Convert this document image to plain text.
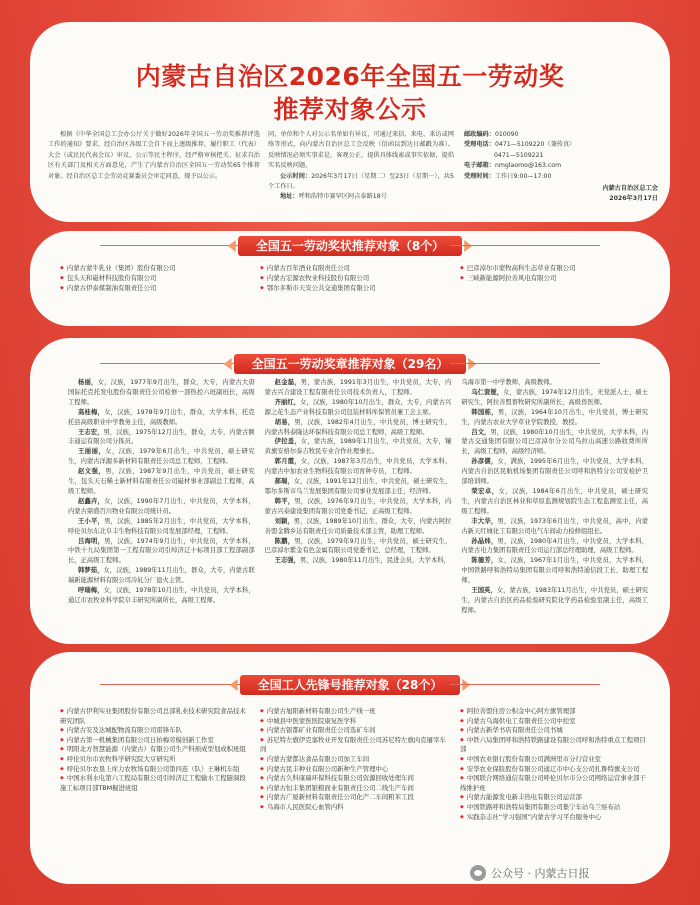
内蒙古自治区2026年全国五一劳动奖
推荐对象公示
根据《中华全国总工会办公厅关于做好2026年全国五一劳动奖推荐评选工作的通知》要求，经自治区各级工会自下而上逐级推荐，履行职工（代表）大会（或民民代表会议）审议，公示等民主程序，经严格审核把关、征求自治区有关部门及相关方面意见，产生了内蒙古自治区全国五一劳动奖65个推荐对象。经自治区总工会劳动竞赛委员会审定同意，现予以公示。
同，单位和个人对公示名单如有异议，可通过来信、来电、来访或网络等形式，向内蒙古自治区总工会反映（信函以到达日邮戳为准）。反映情况必须实事求是，客观公正，提供具体线索或事实依据，提倡实名反映问题。
公示时间：2026年3月17日（星期二）至23日（星期一），共5个工作日。
地址：呼和浩特市赛罕区阿吉泰路18号
邮政编码：010090
受理电话：0471—5109220（兼传真）
0471—5109221
电子邮箱：nmglaomo@163.com
受理时间：工作日9:00—17:00
内蒙古自治区总工会
2026年3月17日
全国五一劳动奖状推荐对象（8个）
◆ 内蒙古蒙牛乳业（集团）股份有限公司
◆ 包头天和磁材科技股份有限公司
◆ 内蒙古伊泰煤制油有限责任公司
◆ 内蒙古百年酒业有限责任公司
◆ 内蒙古宏源农牧业科技股份有限公司
◆ 鄂尔多斯市天安公共交通集团有限公司
◆ 巴彦淖尔市蒙牧高科生态草业有限公司
◆ 三峡新能源阿拉善风电有限公司
全国五一劳动奖章推荐对象（29名）
杨丽，女，汉族，1977年9月出生，群众，大专，内蒙古大唐国际托克托发电股份有限责任公司检修一部热控六班副班长，高级工程师。
高桂梅，女，汉族，1978年9月出生，群众，大学本科，托克托县高级职业中学教务主任，高级教师。
王志宏，男，汉族，1975年12月出生，群众，大专，内蒙古额丰通运有限公司分拣员。
王丽丽，女，汉族，1979年6月出生，中共党员，硕士研究生，内蒙古洋源多新材料有限责任公司总工程师，工程师。
赵文强，男，汉族，1987年9月出生，中共党员，硕士研究生，包头天石稀土新材料有限责任公司磁材事业部副总工程师，高级工程师。
赵鑫卉，女，汉族，1990年7月出生，中共党员，大学本科，内蒙古鼎盛百川物业有限公司统计员。
王小平，男，汉族，1985年2月出生，中共党员，大学本科，呼伦贝尔东北阜丰生物科技有限公司发展部经理，工程师。
吕海明，男，汉族，1974年9月出生，中共党员，大学本科，中铁十九局集团第一工程有限公司引绰济辽十标项目部工程部副部长，正高级工程师。
韩梦茹，女，汉族，1989年11月出生，群众，大专，内蒙古联瑞新能源材料有限公司冷轧分厂退火主管。
呼瑞梅，女，汉族，1978年10月出生，中共党员，大学本科，通辽市农牧业科学院阜丰研究所副所长，高级工程师。
赵金磊，男，蒙古族，1991年3月出生，中共党员，大专，内蒙古兴合建设工程有限责任公司技术负责人，工程师。
齐丽红，女，汉族，1980年10月出生，群众，大专，内蒙古兴源之花生态产业科技有限公司包装材料库保管员兼工会主席。
胡易，男，汉族，1982年4月出生，中共党员，博士研究生，内蒙古科泰隆达环保科技有限公司总工程师，高级工程师。
伊拉盖，女，蒙古族，1989年1月出生，中共党员，大专，镶黄旗安格尔泰吉牧民专业合作社理事长。
郭月霞，女，汉族，1987年3月出生，中共党员，大学本科，内蒙古中加农业生物科技有限公司育种专员，工程师。
郝瑞，女，汉族，1991年12月出生，中共党员，硕士研究生，鄂尔多斯市乌兰发展集团有限公司事业发展部主任，经济师。
韩平，男，汉族，1976年9月出生，中共党员，大学本科，内蒙古兴泰建设集团有限公司党委书记，正高级工程师。
刘颖，男，汉族，1989年10月出生，群众，大专，内蒙古阿拉善盟金腾乡达有限责任公司质量技术部主管，助理工程师。
陈鹏，男，汉族，1979年9月出生，中共党员，硕士研究生，巴彦淖尔紫金有色金属有限公司党委书记、总经理，工程师。
王志强，男，汉族，1980年11月出生，民进会员，大学本科，
乌海市第一中学教师，高级教师。
乌仁套娅，女，蒙古族，1974年12月出生，无党派人士，硕士研究生，阿拉善盟畜牧研究所副所长，高级兽医师。
韩国栋，男，汉族，1964年10月出生，中共党员，博士研究生，内蒙古农业大学草业学院教授，教授。
吕文，男，汉族，1980年10月出生，中共党员，大学本科，内蒙古交通集团有限公司巴彦淖尔分公司乌拉山高速公路收费所所长，高级工程师，高级经济师。
孙彦儒，女，满族，1995年6月出生，中共党员，大学本科，内蒙古自治区民航机场集团有限责任公司呼和浩特分公司安检护卫部培训师。
荣宏卓，女，汉族，1984年6月出生，中共党员，硕士研究生，内蒙古自治区林业和草原监测规划院生态工程监测室主任，高级工程师。
丰大华，男，汉族，1973年6月出生，中共党员，高中，内蒙古新天红城化工有限公司电气车间动力检修组组长。
孙晶炜，男，汉族，1980年4月出生，中共党员，大学本科，内蒙古电力集团有限责任公司运行部总经理助理，高级工程师。
陈德芳，女，汉族，1967年1月出生，中共党员，大学本科，中国铁路呼和浩特局集团有限公司呼和浩特通信段工长，助理工程师。
王国英，女，蒙古族，1983年11月出生，中共党员，硕士研究生，内蒙古自治区药品检验研究院化学药品检验室副主任，高级工程师。
全国工人先锋号推荐对象（28个）
◆ 内蒙古伊利实业集团股份有限公司总部乳业技术研究院食品技术研究团队
◆ 内蒙古安及达城配物流有限公司雷锋车队
◆ 内蒙古第一机械集团有限公司日拍梅劳模创新工作室
◆ 明阳北方智慧能源（内蒙古）有限公司生产科预成型划成积班组
◆ 呼伦贝尔市农牧科学研究院大豆研究所
◆ 呼伦贝尔农垦上库力农牧场有限公司第四连（队）王琳机车组
◆ 中国水利水电第六工程局有限公司引绰济辽工程输水工程隧洞段施工标项目部TBM掘进班组
◆ 内蒙古旭阳新材料有限公司生产线一班
◆ 中城县中医蒙医医院康复医学科
◆ 内蒙古银都矿业有限责任公司选矿车间
◆ 苏尼特左旗伊克塞牧业开发有限责任公司苏尼特左旗肉克屠宰车间
◆ 内蒙古蒙都达食品有限公司加工车间
◆ 内蒙古民丰种业有限公司新种生产管理中心
◆ 内蒙古久科康瑞环保科技有限公司资源回收处理车间
◆ 内蒙古恒丰集团银粮面业有限责任公司二线生产车间
◆ 内蒙古广厦新材料有限责任公司化产二车间粗苯工段
◆ 乌海市人民医院心血管内科
◆ 阿拉善盟住房公积金中心阿左旗管理部
◆ 内蒙古乌海供电工有限责任公司中控室
◆ 内蒙古新华书店有限责任公司书城
◆ 中铁六局集团呼和浩特铁路建设有限公司呼和浩特重点工程项目部
◆ 中国农业银行股份有限公司满洲里市分行营业室
◆ 安华农业保险股份有限公司通辽市中心支公司扎鲁特旗支公司
◆ 中国联合网络通信有限公司呼伦贝尔市分公司网络运营事业部干线维护班
◆ 内蒙古能源发电新丰热电有限公司运营部
◆ 中国铁路呼和浩特局集团有限公司集宁车站乌兰察布站
◆ 实践杂志社“学习强国”内蒙古学习平台服务中心
公众号 · 内蒙古日报
